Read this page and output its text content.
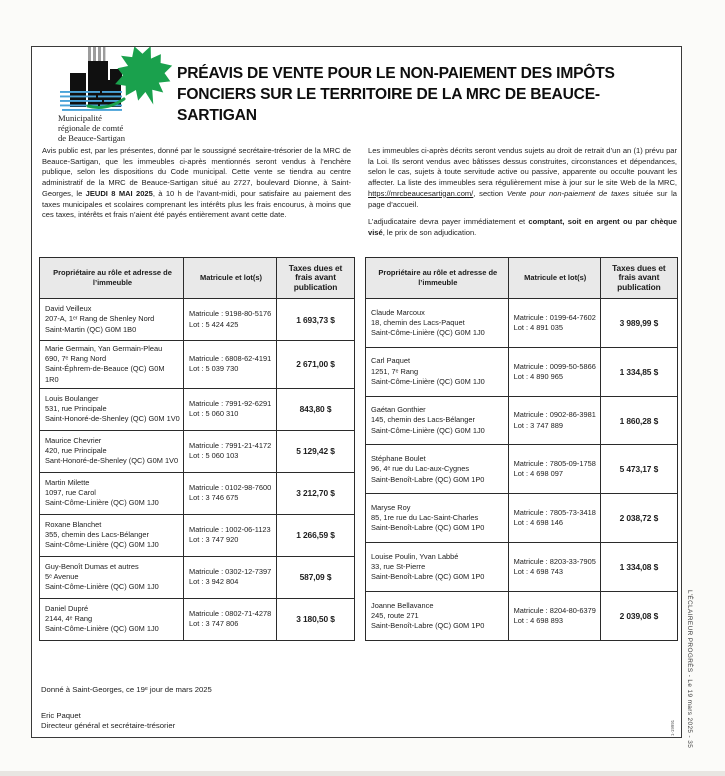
Municipalité
régionale de comté
de Beauce-Sartigan
PRÉAVIS DE VENTE POUR LE NON-PAIEMENT DES IMPÔTS
FONCIERS SUR LE TERRITOIRE DE LA MRC DE BEAUCE-SARTIGAN

Avis public est, par les présentes, donné par le soussigné secrétaire-trésorier de la MRC de Beauce-Sartigan, que les immeubles ci-après mentionnés seront vendus à l’enchère publique, selon les dispositions du Code municipal. Cette vente se tiendra au centre administratif de la MRC de Beauce-Sartigan situé au 2727, boulevard Dionne, à Saint-Georges, le JEUDI 8 MAI 2025, à 10 h de l’avant-midi, pour satisfaire au paiement des taxes municipales et scolaires comprenant les intérêts plus les frais encourus, à moins que ces taxes, intérêts et frais n’aient été payés entièrement avant cette date.

Les immeubles ci-après décrits seront vendus sujets au droit de retrait d’un an (1) prévu par la Loi. Ils seront vendus avec bâtisses dessus construites, circonstances et dépendances, selon le cas, sujets à toute servitude active ou passive, apparente ou occulte pouvant les affecter. La liste des immeubles sera régulièrement mise à jour sur le site Web de la MRC, https://mrcbeaucesartigan.com/, section Vente pour non-paiement de taxes située sur la page d’accueil.

L’adjudicataire devra payer immédiatement et comptant, soit en argent ou par chèque visé, le prix de son adjudication.

Propriétaire au rôle et adresse de l’immeuble	Matricule et lot(s)	Taxes dues et frais avant publication

David Veilleux
207-A, 1ᵉʳ Rang de Shenley Nord
Saint-Martin (QC) G0M 1B0

Matricule : 9198-80-5176
Lot : 5 424 425	1 693,73 $

Marie Germain, Yan Germain-Pleau
690, 7ᵉ Rang Nord
Saint-Éphrem-de-Beauce (QC) G0M 1R0

Matricule : 6808-62-4191
Lot : 5 039 730	2 671,00 $

Louis Boulanger
531, rue Principale
Saint-Honoré-de-Shenley (QC) G0M 1V0

Matricule : 7991-92-6291
Lot : 5 060 310	843,80 $

Maurice Chevrier
420, rue Principale
Sant-Honoré-de-Shenley (QC) G0M 1V0

Matricule : 7991-21-4172
Lot : 5 060 103	5 129,42 $

Martin Milette
1097, rue Carol
Saint-Côme-Linière (QC) G0M 1J0

Matricule : 0102-98-7600
Lot : 3 746 675	3 212,70 $

Roxane Blanchet
355, chemin des Lacs-Bélanger
Saint-Côme-Linière (QC) G0M 1J0

Matricule : 1002-06-1123
Lot : 3 747 920	1 266,59 $

Guy-Benoît Dumas et autres
5ᵉ Avenue
Saint-Côme-Linière (QC) G0M 1J0

Matricule : 0302-12-7397
Lot : 3 942 804	587,09 $

Daniel Dupré
2144, 4ᵉ Rang
Saint-Côme-Linière (QC) G0M 1J0

Matricule : 0802-71-4278
Lot : 3 747 806	3 180,50 $
Propriétaire au rôle et adresse de l’immeuble	Matricule et lot(s)	Taxes dues et frais avant publication

Claude Marcoux
18, chemin des Lacs-Paquet
Saint-Côme-Linière (QC) G0M 1J0

Matricule : 0199-64-7602
Lot : 4 891 035	3 989,99 $

Carl Paquet
1251, 7ᵉ Rang
Saint-Côme-Linière (QC) G0M 1J0

Matricule : 0099-50-5866
Lot : 4 890 965	1 334,85 $

Gaétan Gonthier
145, chemin des Lacs-Bélanger
Saint-Côme-Linière (QC) G0M 1J0

Matricule : 0902-86-3981
Lot : 3 747 889	1 860,28 $

Stéphane Boulet
96, 4ᵉ rue du Lac-aux-Cygnes
Saint-Benoît-Labre (QC) G0M 1P0

Matricule : 7805-09-1758
Lot : 4 698 097	5 473,17 $

Maryse Roy
85, 1re rue du Lac-Saint-Charles
Saint-Benoît-Labre (QC) G0M 1P0

Matricule : 7805-73-3418
Lot : 4 698 146	2 038,72 $

Louise Poulin, Yvan Labbé
33, rue St-Pierre
Saint-Benoît-Labre (QC) G0M 1P0

Matricule : 8203-33-7905
Lot : 4 698 743	1 334,08 $

Joanne Bellavance
245, route 271
Saint-Benoît-Labre (QC) G0M 1P0

Matricule : 8204-80-6379
Lot : 4 698 893	2 039,08 $
Donné à Saint-Georges, ce 19ᵉ jour de mars 2025
Eric Paquet
Directeur général et secrétaire-trésorier	L’ÉCLAIREUR PROGRÈS - Le 19 mars 2025 - 35
1-19991
